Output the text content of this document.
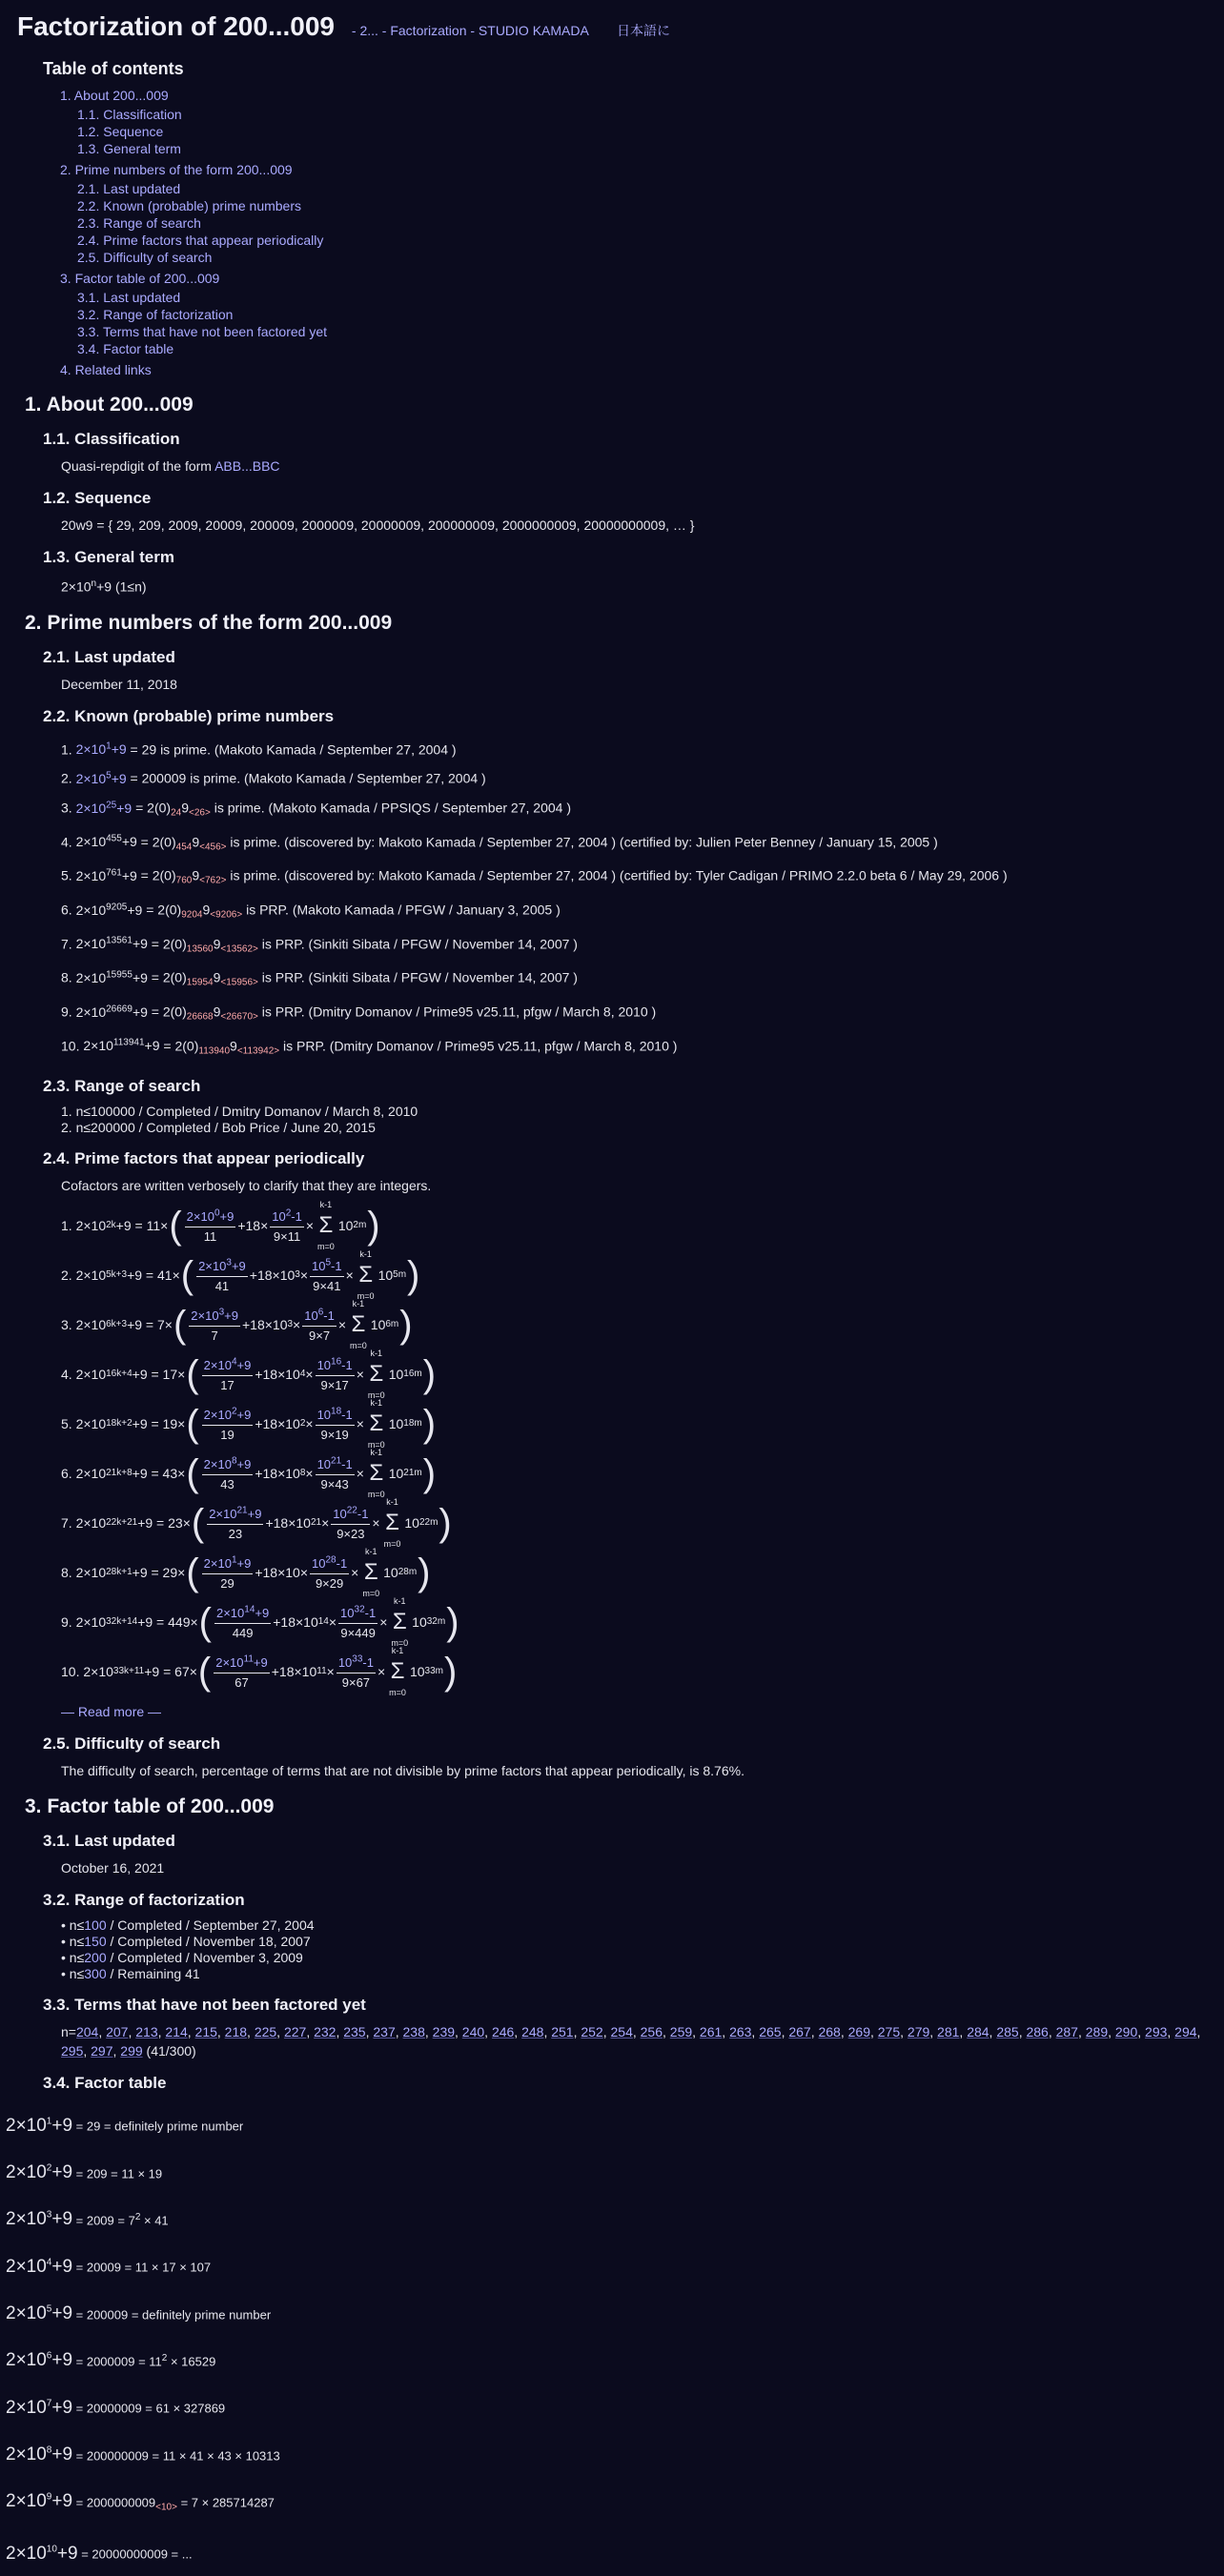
Factorization of 200...009 - 2... - Factorization - STUDIO KAMADA 日本語に
Table of contents
1. About 200...009
1.1. Classification
1.2. Sequence
1.3. General term
2. Prime numbers of the form 200...009
2.1. Last updated
2.2. Known (probable) prime numbers
2.3. Range of search
2.4. Prime factors that appear periodically
2.5. Difficulty of search
3. Factor table of 200...009
3.1. Last updated
3.2. Range of factorization
3.3. Terms that have not been factored yet
3.4. Factor table
4. Related links
1. About 200...009
1.1. Classification

Quasi-repdigit of the form ABB...BBC

1.2. Sequence

20w9 = { 29, 209, 2009, 20009, 200009, 2000009, 20000009, 200000009, 2000000009, 20000000009, … }

1.3. General term

$2\times 10^n+9$ (1≤n)

2. Prime numbers of the form 200...009
2.1. Last updated

December 11, 2018

2.2. Known (probable) prime numbers
1. $2\times 10^1+9 = 29$ is prime. (Makoto Kamada / September 27, 2004 )
2. $2\times 10^5+9 = 200009$ is prime. (Makoto Kamada / September 27, 2004 )
3. $2\times 10^{25}+9 = 2(0)_{24}9_{<26>}$ is prime. (Makoto Kamada / PPSIQS / September 27, 2004 )
4. $2\times 10^{455}+9 = 2(0)_{454}9_{<456>}$ is prime. (discovered by: Makoto Kamada / September 27, 2004 ) (certified by: Julien Peter Benney / January 15, 2005 )
5. $2\times 10^{761}+9 = 2(0)_{760}9_{<762>}$ is prime. (discovered by: Makoto Kamada / September 27, 2004 ) (certified by: Tyler Cadigan / PRIMO 2.2.0 beta 6 / May 29, 2006 )
6. $2\times 10^{9205}+9 = 2(0)_{9204}9_{<9206>}$ is PRP. (Makoto Kamada / PFGW / January 3, 2005 )
7. $2\times 10^{13561}+9 = 2(0)_{13560}9_{<13562>}$ is PRP. (Sinkiti Sibata / PFGW / November 14, 2007 )
8. $2\times 10^{15955}+9 = 2(0)_{15954}9_{<15956>}$ is PRP. (Sinkiti Sibata / PFGW / November 14, 2007 )
9. $2\times 10^{26669}+9 = 2(0)_{26668}9_{<26670>}$ is PRP. (Dmitry Domanov / Prime95 v25.11, pfgw / March 8, 2010 )
10. $2\times 10^{113941}+9 = 2(0)_{113940}9_{<113942>}$ is PRP. (Dmitry Domanov / Prime95 v25.11, pfgw / March 8, 2010 )
2.3. Range of search
1. n≤100000 / Completed / Dmitry Domanov / March 8, 2010
2. n≤200000 / Completed / Bob Price / June 20, 2015
2.4. Prime factors that appear periodically

Cofactors are written verbosely to clarify that they are integers.

1. 2×10 2k +9 = 11× ( $\frac{2\times 10^0+9}{11} +18\times \frac{10^2-1}{9\times 11}$ ×
k-1
Σ
m=0
10 2m )
2. 2×10 5k+3 +9 = 41× ( $\frac{2\times 10^3+9}{41} +18\times 10$ $3 \times \frac{10^5-1}{9\times 41}$ ×
k-1
Σ
m=0
10 5m )
3. 2×10 6k+3 +9 = 7× ( $\frac{2\times 10^3+9}{7} +18\times 10$ $3 \times \frac{10^6-1}{9\times 7}$ ×
k-1
Σ
m=0
10 6m )
4. 2×10 16k+4 +9 = 17× ( $\frac{2\times 10^4+9}{17} +18\times 10$ $4 \times \frac{10^{16}-1}{9\times 17}$ ×
k-1
Σ
m=0
10 16m )
5. 2×10 18k+2 +9 = 19× ( $\frac{2\times 10^2+9}{19} +18\times 10$ $2 \times \frac{10^{18}-1}{9\times 19}$ ×
k-1
Σ
m=0
10 18m )
6. 2×10 21k+8 +9 = 43× ( $\frac{2\times 10^8+9}{43} +18\times 10$ $8 \times \frac{10^{21}-1}{9\times 43}$ ×
k-1
Σ
m=0
10 21m )
7. 2×10 22k+21 +9 = 23× ( $\frac{2\times 10^{21}+9}{23} +18\times 10$ $21 \times \frac{10^{22}-1}{9\times 23}$ ×
k-1
Σ
m=0
10 22m )
8. 2×10 28k+1 +9 = 29× ( $\frac{2\times 10^1+9}{29} +18\times 10\times \frac{10^{28}-1}{9\times 29}$ ×
k-1
Σ
m=0
10 28m )
9. 2×10 32k+14 +9 = 449× ( $\frac{2\times 10^{14}+9}{449} +18\times 10$ $14 \times \frac{10^{32}-1}{9\times 449}$ ×
k-1
Σ
m=0
10 32m )
10. 2×10 33k+11 +9 = 67× ( $\frac{2\times 10^{11}+9}{67} +18\times 10$ $11 \times \frac{10^{33}-1}{9\times 67}$ ×
k-1
Σ
m=0
10 33m )

— Read more —

2.5. Difficulty of search

The difficulty of search, percentage of terms that are not divisible by prime factors that appear periodically, is 8.76%.

3. Factor table of 200...009
3.1. Last updated

October 16, 2021

3.2. Range of factorization
• n≤100 / Completed / September 27, 2004
• n≤150 / Completed / November 18, 2007
• n≤200 / Completed / November 3, 2009
• n≤300 / Remaining 41
3.3. Terms that have not been factored yet
n=204, 207, 213, 214, 215, 218, 225, 227, 232, 235, 237, 238, 239, 240, 246, 248, 251, 252, 254, 256, 259, 261, 263, 265, 267, 268, 269, 275, 279, 281, 284, 285, 286, 287, 289, 290, 293, 294, 295, 297, 299 (41/300)
3.4. Factor table
$2\times 10^1+9 = 29$ = definitely prime number
$2\times 10^2+9 = 209 = 11 \times 19$
$2\times 10^3+9 = 2009 = 7^2 \times 41$
$2\times 10^4+9 = 20009 = 11 \times 17 \times 107$
$2\times 10^5+9 = 200009$ = definitely prime number
$2\times 10^6+9 = 2000009 = 11^2 \times 16529$
$2\times 10^7+9 = 20000009 = 61 \times 327869$
$2\times 10^8+9 = 200000009 = 11 \times 41 \times 43 \times 10313$
$2\times 10^9+9 = 2000000009_{<10>} = 7 \times 285714287$
$2\times 10^{10}+9 = 20000000009$ = ...
